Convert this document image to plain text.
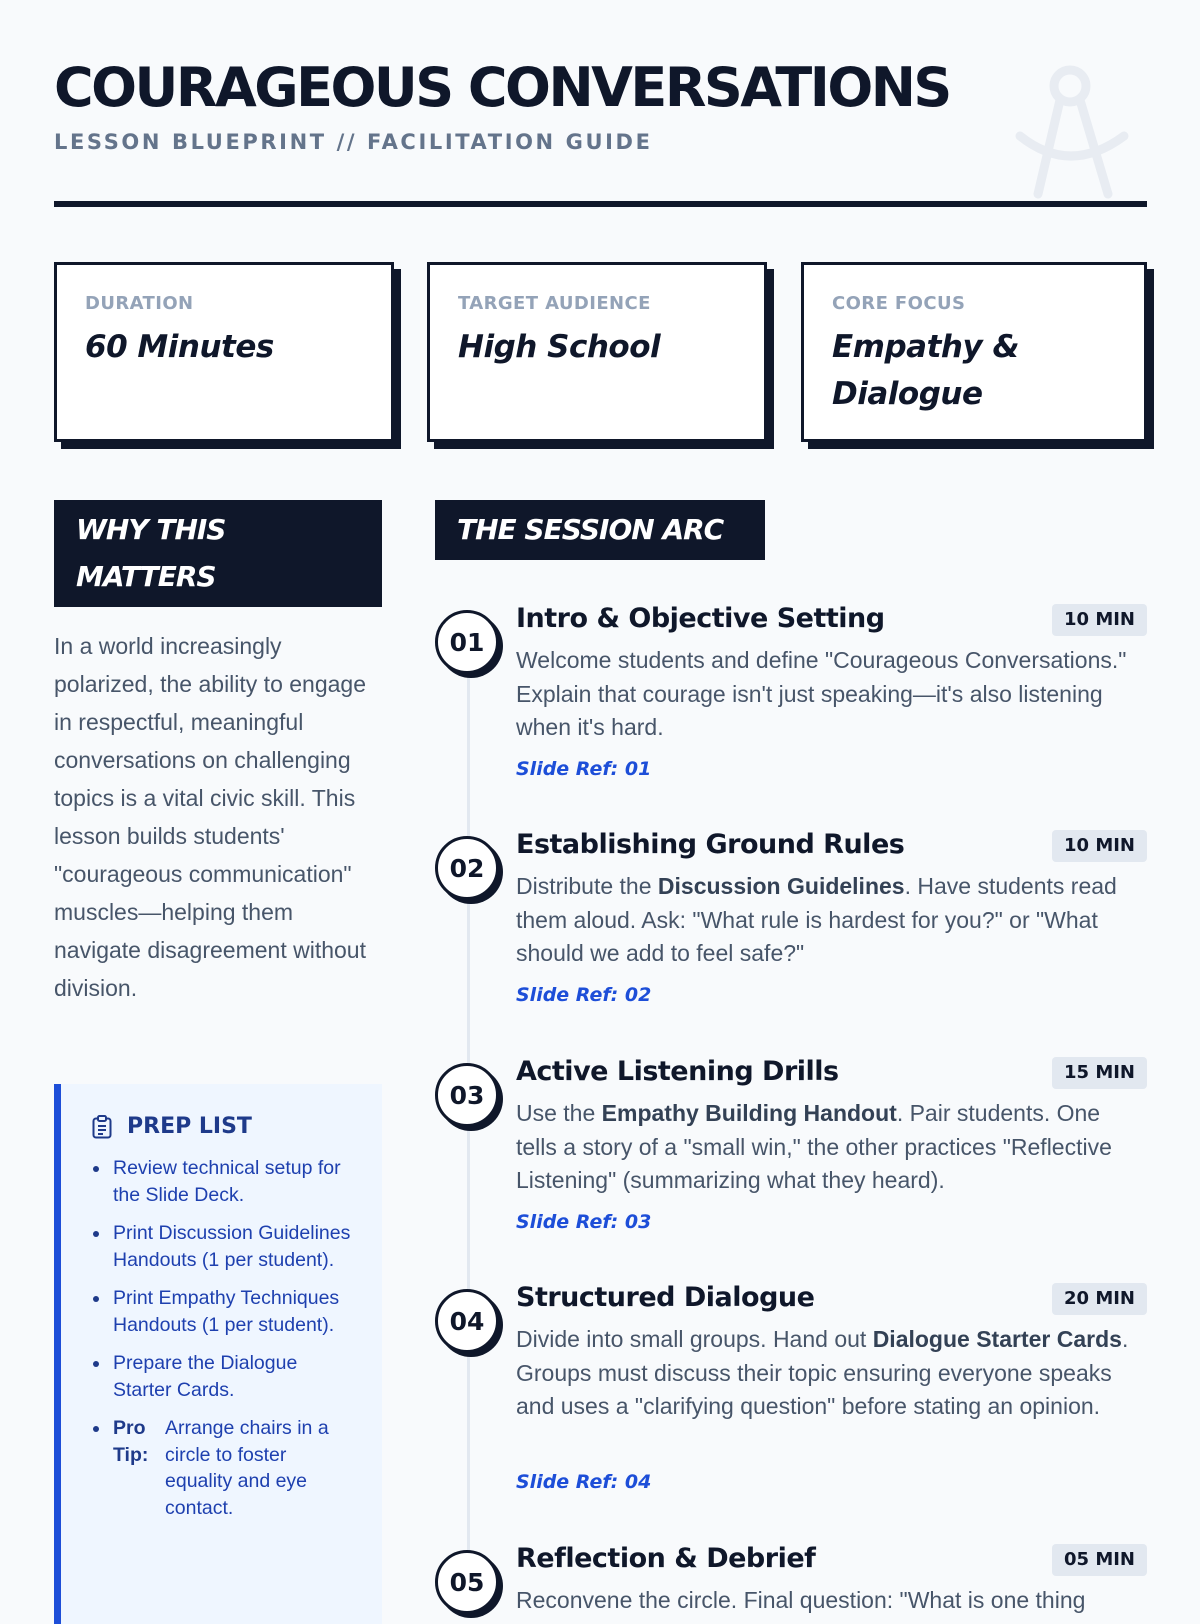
COURAGEOUS CONVERSATIONS
LESSON BLUEPRINT // FACILITATION GUIDE
DURATION
60 Minutes
TARGET AUDIENCE
High School
CORE FOCUS
Empathy & Dialogue
WHY THIS MATTERS

In a world increasingly polarized, the ability to engage in respectful, meaningful conversations on challenging topics is a vital civic skill. This lesson builds students' "courageous communication" muscles—helping them navigate disagreement without division.

PREP LIST
Review technical setup for the Slide Deck.
Print Discussion Guidelines Handouts (1 per student).
Print Empathy Techniques Handouts (1 per student).
Prepare the Dialogue Starter Cards.
Pro Tip:
Arrange chairs in a circle to foster equality and eye contact.
THE SESSION ARC
01
Intro & Objective Setting	10 MIN

Welcome students and define "Courageous Conversations." Explain that courage isn't just speaking—it's also listening when it's hard.

Slide Ref: 01

02
Establishing Ground Rules	10 MIN

Distribute the Discussion Guidelines. Have students read them aloud. Ask: "What rule is hardest for you?" or "What should we add to feel safe?"

Slide Ref: 02

03
Active Listening Drills	15 MIN

Use the Empathy Building Handout. Pair students. One tells a story of a "small win," the other practices "Reflective Listening" (summarizing what they heard).

Slide Ref: 03

04
Structured Dialogue	20 MIN

Divide into small groups. Hand out Dialogue Starter Cards. Groups must discuss their topic ensuring everyone speaks and uses a "clarifying question" before stating an opinion.

Slide Ref: 04

05
Reflection & Debrief	05 MIN

Reconvene the circle. Final question: "What is one thing
